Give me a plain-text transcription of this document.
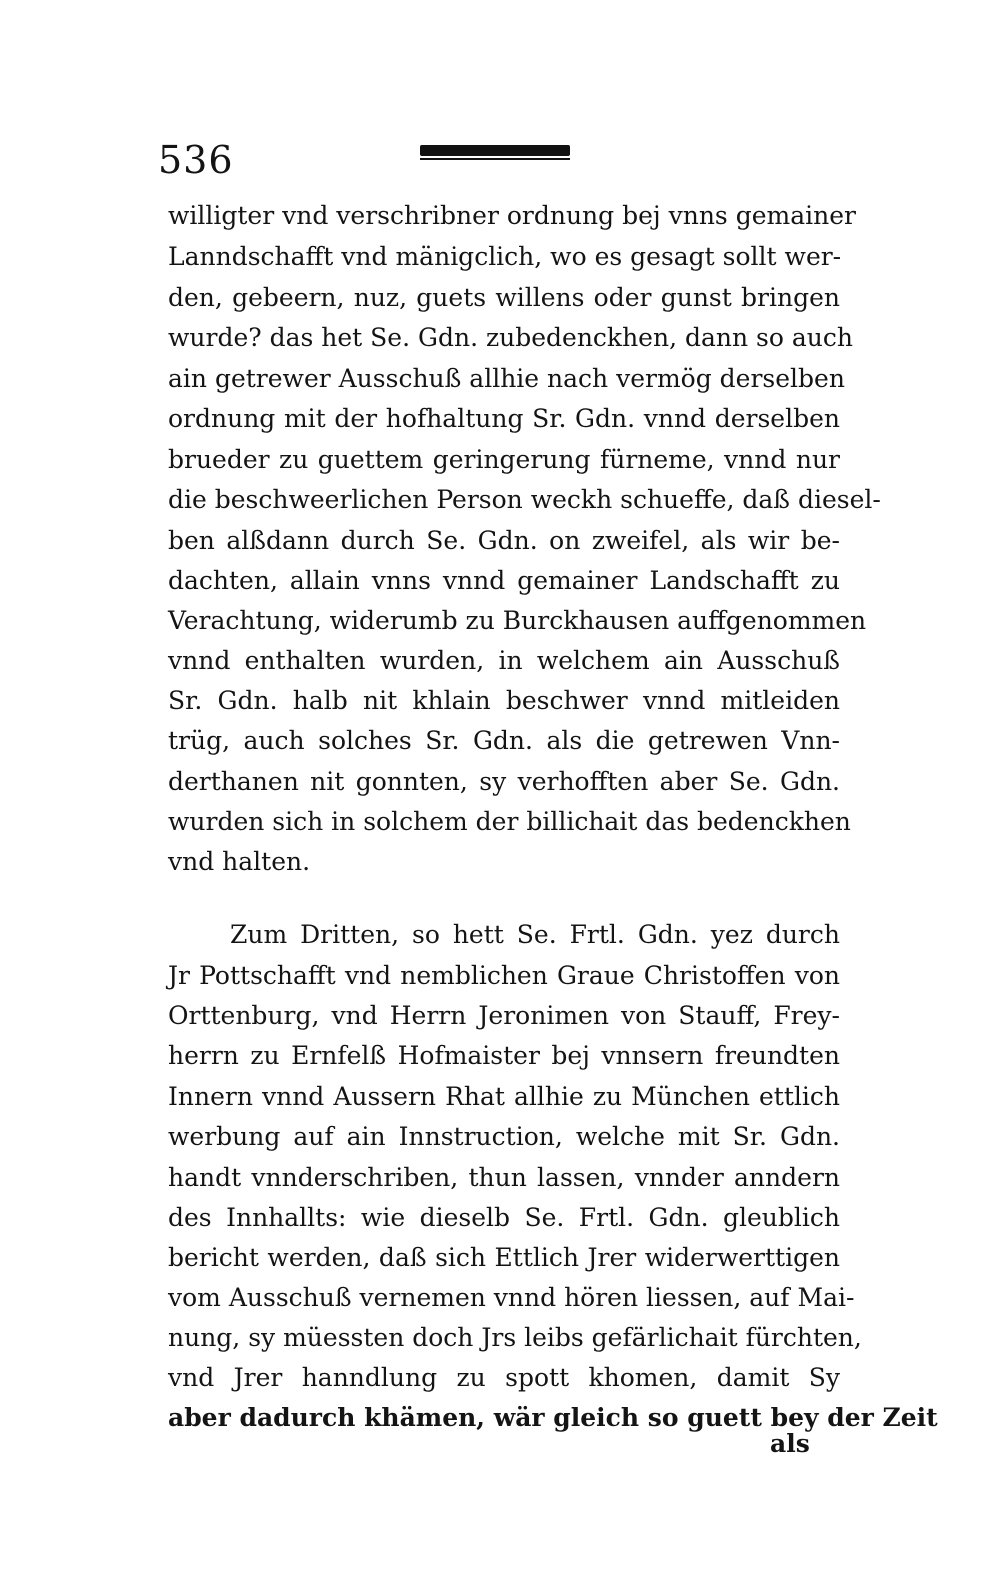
536
willigter vnd verschribner ordnung bej vnns gemainer
Lanndschafft vnd mänigclich, wo es gesagt sollt wer-
den, gebeern, nuz, guets willens oder gunst bringen
wurde? das het Se. Gdn. zubedenckhen, dann so auch
ain getrewer Ausschuß allhie nach vermög derselben
ordnung mit der hofhaltung Sr. Gdn. vnnd derselben
brueder zu guettem geringerung fürneme, vnnd nur
die beschweerlichen Person weckh schueffe, daß diesel-
ben alßdann durch Se. Gdn. on zweifel, als wir be-
dachten, allain vnns vnnd gemainer Landschafft zu
Verachtung, widerumb zu Burckhausen auffgenommen
vnnd enthalten wurden, in welchem ain Ausschuß
Sr. Gdn. halb nit khlain beschwer vnnd mitleiden
trüg, auch solches Sr. Gdn. als die getrewen Vnn-
derthanen nit gonnten, sy verhofften aber Se. Gdn.
wurden sich in solchem der billichait das bedenckhen
vnd halten.
Zum Dritten, so hett Se. Frtl. Gdn. yez durch
Jr Pottschafft vnd nemblichen Graue Christoffen von
Orttenburg, vnd Herrn Jeronimen von Stauff, Frey-
herrn zu Ernfelß Hofmaister bej vnnsern freundten
Innern vnnd Aussern Rhat allhie zu München ettlich
werbung auf ain Innstruction, welche mit Sr. Gdn.
handt vnnderschriben, thun lassen, vnnder anndern
des Innhallts: wie dieselb Se. Frtl. Gdn. gleublich
bericht werden, daß sich Ettlich Jrer widerwerttigen
vom Ausschuß vernemen vnnd hören liessen, auf Mai-
nung, sy müessten doch Jrs leibs gefärlichait fürchten,
vnd Jrer hanndlung zu spott khomen, damit Sy
aber dadurch khämen, wär gleich so guett bey der Zeit
als
